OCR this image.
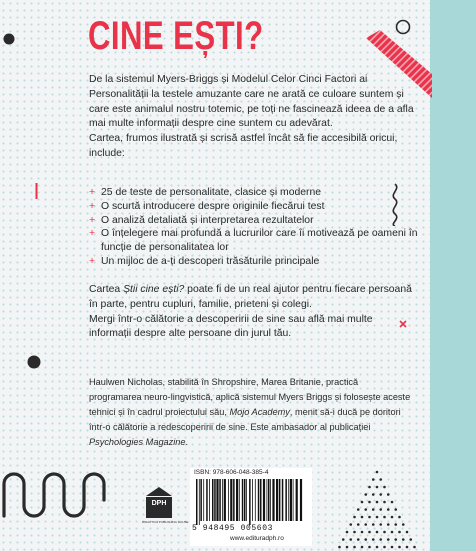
CINE EȘTI?

De la sistemul Myers-Briggs și Modelul Celor Cinci Factori ai Personalității la testele amuzante care ne arată ce culoare suntem și care este animalul nostru totemic, pe toți ne fascinează ideea de a afla mai multe informații despre cine suntem cu adevărat.

Cartea, frumos ilustrată și scrisă astfel încât să fie accesibilă oricui, include:

+ 25 de teste de personalitate, clasice și moderne
+ O scurtă introducere despre originile fiecărui test
+ O analiză detaliată și interpretarea rezultatelor
+ O înțelegere mai profundă a lucrurilor care îi motivează pe oameni în funcție de personalitatea lor
+ Un mijloc de a-ți descoperi trăsăturile principale

Cartea Știi cine ești? poate fi de un real ajutor pentru fiecare persoană în parte, pentru cupluri, familie, prieteni și colegi.
Mergi într-o călătorie a descoperirii de sine sau află mai multe informații despre alte persoane din jurul tău.

Haulwen Nicholas, stabilită în Shropshire, Marea Britanie, practică programarea neuro-lingvistică, aplică sistemul Myers Briggs și folosește aceste tehnici și în cadrul proiectului său, Mojo Academy, menit să-i ducă pe doritori într-o călătorie a redescoperirii de sine. Este ambasador al publicației Psychologies Magazine.

DPH
DIDACTICA PUBLISHING HOUSE
ISBN: 978-606-048-385-4
5 948495 005603
www.editurad​ph.ro
